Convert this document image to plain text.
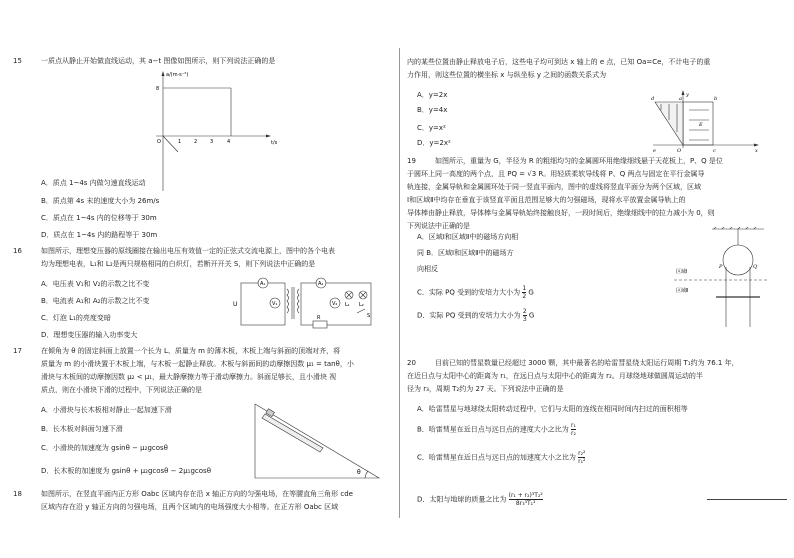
15	一质点从静止开始做直线运动，其 a−t 图像如图所示，则下列说法正确的是
a/(m·s⁻²)
t/s
8
O	1	2	3	4
A．质点 1~4s 内做匀速直线运动
B．质点第 4s 末的速度大小为 26m/s
C．质点在 1~4s 内的位移等于 30m
D．质点在 1~4s 内的路程等于 30m
16	如图所示，理想变压器的原线圈接在输出电压有效值一定的正弦式交流电源上，图中的各个电表
均为理想电表，L₁和 L₂是两只规格相同的白炽灯，若断开开关 S，则下列说法中正确的是
A．电压表 V₁和 V₂的示数之比不变
B．电流表 A₁和 A₂的示数之比不变
C．灯泡 L₁的亮度变暗
D．理想变压器的输入功率变大
A₁
V₁
A₂
V₂
U
R
L₁ L₂
S
17	在倾角为 θ 的固定斜面上放置一个长为 L、质量为 m 的薄木板，木板上端与斜面的顶端对齐，将
质量为 m 的小滑块置于木板上端，与木板一起静止释放。木板与斜面间的动摩擦因数 μ₁ = tanθ，小
滑块与木板间的动摩擦因数 μ₂ < μ₁，最大静摩擦力等于滑动摩擦力。斜面足够长，且小滑块 视
质点，则在小滑块下滑的过程中，下列说法正确的是
A．小滑块与长木板相对静止一起加速下滑
B．长木板对斜面匀速下滑
C．小滑块的加速度为 gsinθ − μ₂gcosθ
D．长木板的加速度为 gsinθ + μ₂gcosθ − 2μ₁gcosθ	θ
18	如图所示，在竖直平面内正方形 Oabc 区域内存在沿 x 轴正方向的匀强电场，在等腰直角三角形 cde
区域内存在沿 y 轴正方向的匀强电场，且两个区域内的电场强度大小相等。在正方形 Oabc 区域
内的某些位置由静止释放电子后，这些电子均可到达 x 轴上的 e 点，已知 Oa=Ce，不计电子的重
力作用，则这些位置的横坐标 x 与纵坐标 y 之间的函数关系式为
A．y=2x
B．y=4x
C．y=x²
D．y=2x²
d	a	b
c
e	O	x
y
E
19	如图所示，重量为 G，半径为 R 的粗细均匀的金属圆环用绝缘细线悬于天花板上，P、Q 是位
于圆环上同一高度的两个点，且 PQ = √3 R。用轻质柔软导线将 P、Q 两点与固定在平行金属导
轨连接，金属导轨和金属圆环处于同一竖直平面内，图中的虚线将竖直平面分为两个区域，区域
Ⅰ和区域Ⅱ中均存在垂直于该竖直平面且范围足够大的匀强磁场，现将水平放置金属导轨上的
导体棒由静止释放，导体棒与金属导轨始终接触良好，一段时间后，绝缘细线中的拉力减小为 0，则
下列说法中正确的是
A．区域Ⅰ和区域Ⅱ中的磁场方向相
同 B．区域Ⅰ和区域Ⅱ中的磁场方
向相反
C．实际 PQ 受到的安培力大小为 $\frac{1}{2}$ G
D．实际 PQ 受到的安培力大小为 $\frac{2}{3}$ G
区域Ⅰ
区域Ⅱ
P	Q
20	目前已知的彗星数量已经超过 3000 颗，其中最著名的哈雷彗星绕太阳运行周期 T₁约为 76.1 年，
在近日点与太阳中心的距离为 r₁，在远日点与太阳中心的距离为 r₂。月球绕地球做圆周运动的半
径为 r₃，周期 T₂约为 27 天。下列说法中正确的是
A．哈雷彗星与地球绕太阳转动过程中，它们与太阳的连线在相同时间内扫过的面积相等
B．哈雷彗星在近日点与远日点的速度大小之比为 $\frac{\text{r₁}}{\text{r₂}}$
C．哈雷彗星在近日点与远日点的加速度大小之比为 $\frac{\text{r₂²}}{\text{r₁²}}$
D．太阳与地球的质量之比为 $\frac{\text{(r₁ + r₂)³T₂²}}{\text{8r₃³T₁²}}$
